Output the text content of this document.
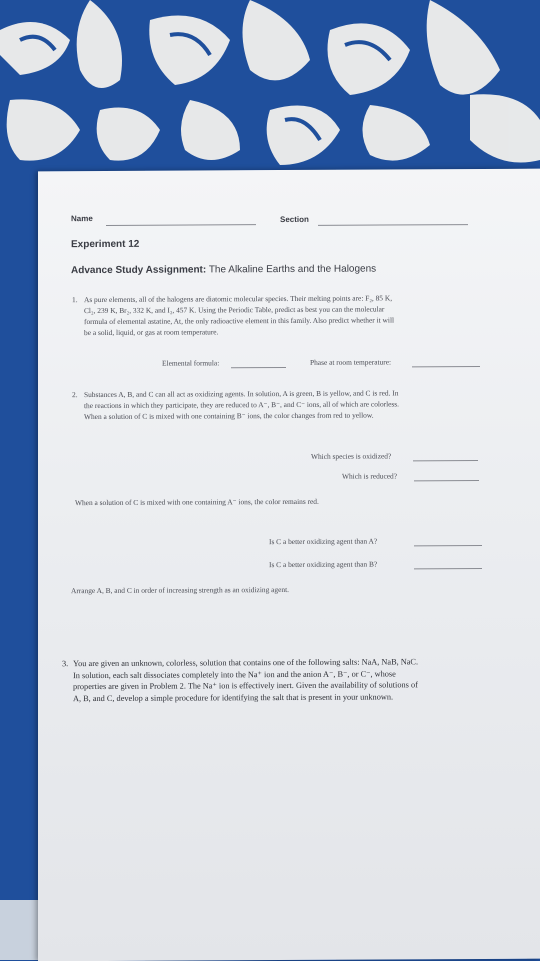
Name	Section
Experiment 12
Advance Study Assignment: The Alkaline Earths and the Halogens
1. As pure elements, all of the halogens are diatomic molecular species. Their melting points are: F₂, 85 K,
Cl₂, 239 K, Br₂, 332 K, and I₂, 457 K. Using the Periodic Table, predict as best you can the molecular
formula of elemental astatine, At, the only radioactive element in this family. Also predict whether it will
be a solid, liquid, or gas at room temperature.
Elemental formula:	Phase at room temperature:
2. Substances A, B, and C can all act as oxidizing agents. In solution, A is green, B is yellow, and C is red. In
the reactions in which they participate, they are reduced to A⁻, B⁻, and C⁻ ions, all of which are colorless.
When a solution of C is mixed with one containing B⁻ ions, the color changes from red to yellow.
Which species is oxidized?
Which is reduced?
When a solution of C is mixed with one containing A⁻ ions, the color remains red.
Is C a better oxidizing agent than A?
Is C a better oxidizing agent than B?
Arrange A, B, and C in order of increasing strength as an oxidizing agent.
3. You are given an unknown, colorless, solution that contains one of the following salts: NaA, NaB, NaC.
In solution, each salt dissociates completely into the Na⁺ ion and the anion A⁻, B⁻, or C⁻, whose
properties are given in Problem 2. The Na⁺ ion is effectively inert. Given the availability of solutions of
A, B, and C, develop a simple procedure for identifying the salt that is present in your unknown.
